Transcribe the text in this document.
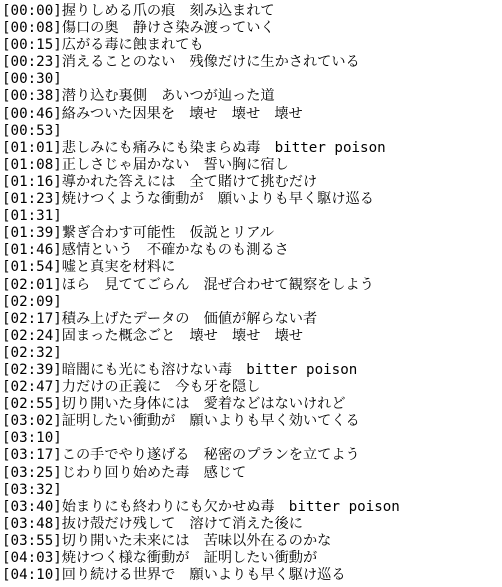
[00:00]握りしめる爪の痕　刻み込まれて
[00:08]傷口の奥　静けさ染み渡っていく
[00:15]広がる毒に蝕まれても
[00:23]消えることのない　残像だけに生かされている
[00:30]
[00:38]潜り込む裏側　あいつが辿った道
[00:46]絡みついた因果を　壊せ　壊せ　壊せ
[00:53]
[01:01]悲しみにも痛みにも染まらぬ毒　bitter poison
[01:08]正しさじゃ届かない　誓い胸に宿し
[01:16]導かれた答えには　全て賭けて挑むだけ
[01:23]焼けつくような衝動が　願いよりも早く駆け巡る
[01:31]
[01:39]繋ぎ合わす可能性　仮説とリアル
[01:46]感情という　不確かなものも測るさ
[01:54]嘘と真実を材料に
[02:01]ほら　見ててごらん　混ぜ合わせて観察をしよう
[02:09]
[02:17]積み上げたデータの　価値が解らない者
[02:24]固まった概念ごと　壊せ　壊せ　壊せ
[02:32]
[02:39]暗闇にも光にも溶けない毒　bitter poison
[02:47]力だけの正義に　今も牙を隠し
[02:55]切り開いた身体には　愛着などはないけれど
[03:02]証明したい衝動が　願いよりも早く効いてくる
[03:10]
[03:17]この手でやり遂げる　秘密のプランを立てよう
[03:25]じわり回り始めた毒　感じて
[03:32]
[03:40]始まりにも終わりにも欠かせぬ毒　bitter poison
[03:48]抜け殻だけ残して　溶けて消えた後に
[03:55]切り開いた未来には　苦味以外在るのかな
[04:03]焼けつく様な衝動が　証明したい衝動が
[04:10]回り続ける世界で　願いよりも早く駆け巡る
